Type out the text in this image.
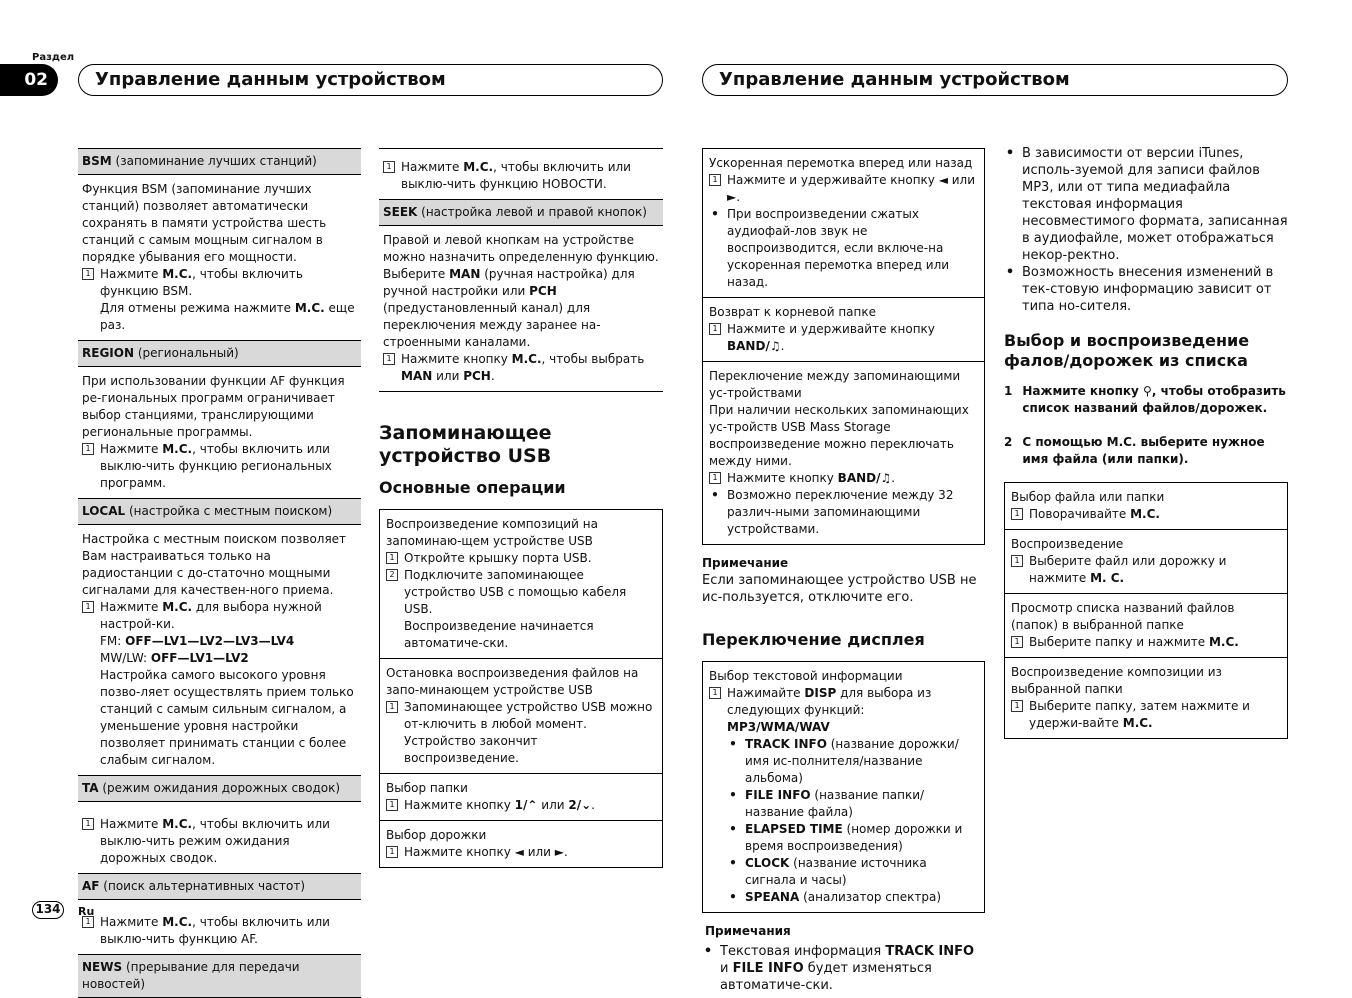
Раздел
02	Управление данным устройством	Управление данным устройством
BSM (запоминание лучших станций)
Функция BSM (запоминание лучших станций) позволяет автоматически сохранять в памяти устройства шесть станций с самым мощным сигналом в порядке убывания его мощности.
1 Нажмите M.C., чтобы включить функцию BSM.
Для отмены режима нажмите M.C. еще раз.
REGION (региональный)
При использовании функции AF функция ре-гиональных программ ограничивает выбор станциями, транслирующими региональные программы.
1 Нажмите M.C., чтобы включить или выклю-чить функцию региональных программ.
LOCAL (настройка с местным поиском)
Настройка с местным поиском позволяет Вам настраиваться только на радиостанции с до-статочно мощными сигналами для качествен-ного приема.
1 Нажмите M.C. для выбора нужной настрой-ки.
FM: OFF—LV1—LV2—LV3—LV4
MW/LW: OFF—LV1—LV2
Настройка самого высокого уровня позво-ляет осуществлять прием только станций с самым сильным сигналом, а уменьшение уровня настройки позволяет принимать станции с более слабым сигналом.
TA (режим ожидания дорожных сводок)
1 Нажмите M.C., чтобы включить или выклю-чить режим ожидания дорожных сводок.
AF (поиск альтернативных частот)
1 Нажмите M.C., чтобы включить или выклю-чить функцию AF.
NEWS (прерывание для передачи новостей)
1 Нажмите M.C., чтобы включить или выклю-чить функцию НОВОСТИ.
SEEK (настройка левой и правой кнопок)
Правой и левой кнопкам на устройстве можно назначить определенную функцию.
Выберите MAN (ручная настройка) для ручной настройки или PCH (предустановленный канал) для переключения между заранее на-строенными каналами.
1 Нажмите кнопку M.C., чтобы выбрать MAN или PCH.
Запоминающее устройство USB
Основные операции
Воспроизведение композиций на запоминаю-щем устройстве USB
1 Откройте крышку порта USB.
2 Подключите запоминающее устройство USB с помощью кабеля USB.
Воспроизведение начинается автоматиче-ски.
Остановка воспроизведения файлов на запо-минающем устройстве USB
1 Запоминающее устройство USB можно от-ключить в любой момент.
Устройство закончит воспроизведение.
Выбор папки
1 Нажмите кнопку 1/⌃ или 2/⌄.
Выбор дорожки
1 Нажмите кнопку ◄ или ►.
Ускоренная перемотка вперед или назад
1 Нажмите и удерживайте кнопку ◄ или ►.
• При воспроизведении сжатых аудиофай-лов звук не воспроизводится, если включе-на ускоренная перемотка вперед или назад.
Возврат к корневой папке
1 Нажмите и удерживайте кнопку BAND/♫.
Переключение между запоминающими ус-тройствами
При наличии нескольких запоминающих ус-тройств USB Mass Storage воспроизведение можно переключать между ними.
1 Нажмите кнопку BAND/♫.
• Возможно переключение между 32 различ-ными запоминающими устройствами.
Примечание
Если запоминающее устройство USB не ис-пользуется, отключите его.
Переключение дисплея
Выбор текстовой информации
1 Нажимайте DISP для выбора из следующих функций:
MP3/WMA/WAV
• TRACK INFO (название дорожки/имя ис-полнителя/название альбома)
• FILE INFO (название папки/название файла)
• ELAPSED TIME (номер дорожки и время воспроизведения)
• CLOCK (название источника сигнала и часы)
• SPEANA (анализатор спектра)
Примечания
• Текстовая информация TRACK INFO и FILE INFO будет изменяться автоматиче-ски.
• В зависимости от версии iTunes, исполь-зуемой для записи файлов MP3, или от типа медиафайла текстовая информация несовместимого формата, записанная в аудиофайле, может отображаться некор-ректно.
• Возможность внесения изменений в тек-стовую информацию зависит от типа но-сителя.
Выбор и воспроизведение фалов/дорожек из списка
1 Нажмите кнопку ⚲, чтобы отобразить список названий файлов/дорожек.
2 С помощью M.C. выберите нужное имя файла (или папки).
Выбор файла или папки
1 Поворачивайте M.C.
Воспроизведение
1 Выберите файл или дорожку и нажмите M. C.
Просмотр списка названий файлов (папок) в выбранной папке
1 Выберите папку и нажмите M.C.
Воспроизведение композиции из выбранной папки
1 Выберите папку, затем нажмите и удержи-вайте M.C.
134	Ru
